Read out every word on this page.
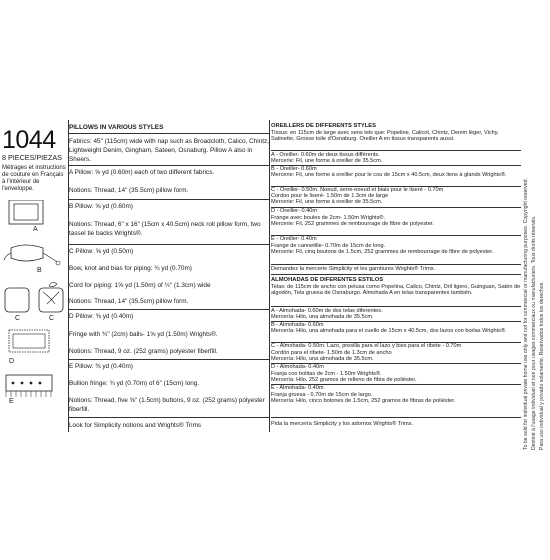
1044
8 PIECES/PIEZAS
Métrages et instructions de couture en Français à l'intérieur de l'enveloppe.
A
B
C	C
D
E
PILLOWS IN VARIOUS STYLES
Fabrics: 45" (115cm) wide with nap such as Broadcloth, Calico, Chintz, Lightweight Denim, Gingham, Sateen, Osnaburg. Pillow A also in Sheers.
A Pillow: ⅝ yd (0.60m) each of two different fabrics.
Notions: Thread, 14" (35.5cm) pillow form.
B Pillow: ⅝ yd (0.60m)
Notions: Thread, 6" x 16" (15cm x 40.5cm) neck roll pillow form, two tassel tie backs Wrights®.
C Pillow: ⅝ yd (0.50m)
Bow, knot and bias for piping: ¾ yd (0.70m)
Cord for piping: 1⅝ yd (1.50m) of ½" (1.3cm) wide
Notions: Thread, 14" (35.5cm) pillow form.
D Pillow: ⅜ yd (0.40m)
Fringe with ¾" (2cm) balls- 1⅝ yd (1.50m) Wrights®.
Notions: Thread, 9 oz. (252 grams) polyester fiberfill.
E Pillow: ⅜ yd (0.40m)
Bullion fringe: ¾ yd (0.70m) of 6" (15cm) long.
Notions: Thread, five ⅝" (1.5cm) buttons, 9 oz. (252 grams) polyester fiberfill.
Look for Simplicity notions and Wrights® Trims
OREILLERS DE DIFFERENTS STYLES
Tissus: en 115cm de large avec sens tels que: Popeline, Calicot, Chintz, Denim léger, Vichy, Satinette, Grosse toile d'Osnaburg. Oreiller A en tissus transparents aussi.
A - Oreiller- 0.60m de deux tissus différents.
Mercerie: Fil, une forme à oreiller de 35.5cm.
B - Oreiller- 0.60m
Mercerie: Fil, une forme à oreiller pour le cou de 15cm x 40.5cm, deux liens à glands Wrights®.
C - Oreiller- 0.50m. Noeud, serre-noeud et biais pour le liseré - 0.70m
Cordon pour le liseré- 1.50m de 1.3cm de large
Mercerie: Fil, une forme à oreiller de 35.5cm.
D - Oreiller- 0.40m
Frange avec boules de 2cm- 1.50m Wrights®.
Mercerie: Fil, 252 grammes de rembourrage de fibre de polyester.
E - Oreiller- 0.40m
Frange de cannetille- 0.70m de 15cm de long.
Mercerie: Fil, cinq boutons de 1.5cm, 252 grammes de rembourrage de fibre de polyester.
Demandez la mercerie Simplicity et les garnitures Wrights® Trims.
ALMOHADAS DE DIFERENTES ESTILOS
Telas: de 115cm de ancho con pelusa como Popelina, Calico, Chintz, Dril ligero, Guinguan, Satén de algodón, Tela gruesa de Osnaburgo. Almohada A en telas transparentes también.
A - Almohada- 0.60m de dos telas diferentes.
Mercería: Hilo, una almohada de 35.5cm.
B - Almohada- 0.60m
Mercería: Hilo, una almohada para el cuello de 15cm x 40.5cm, dos lazos con borlas Wrights®.
C - Almohada- 0.50m. Lazo, presilla para el lazo y bies para el ribete - 0.70m
Cordón para el ribete- 1.50m de 1.3cm de ancho
Mercería: Hilo, una almohada de 35.5cm.
D - Almohada- 0.40m
Franja con bolitas de 2cm - 1.50m Wrights®.
Mercería: Hilo, 252 gramos de relleno de fibra de poliéster.
E - Almohada- 0.40m
Franja gruesa - 0.70m de 15cm de largo.
Mercería: Hilo, cinco botones de 1.5cm, 252 gramos de fibras de poliéster.
Pida la mercería Simplicity y los adornos Wrights® Trims.	To be sold for individual private home use only and not for commercial or manufacturing purposes. Copyright reserved. Destiné à l'usage individuel et non pour usages commerciaux ou manufacturiers. Tous droits réservés. Para uso individual y privado solamente. Reservados todos los derechos.
